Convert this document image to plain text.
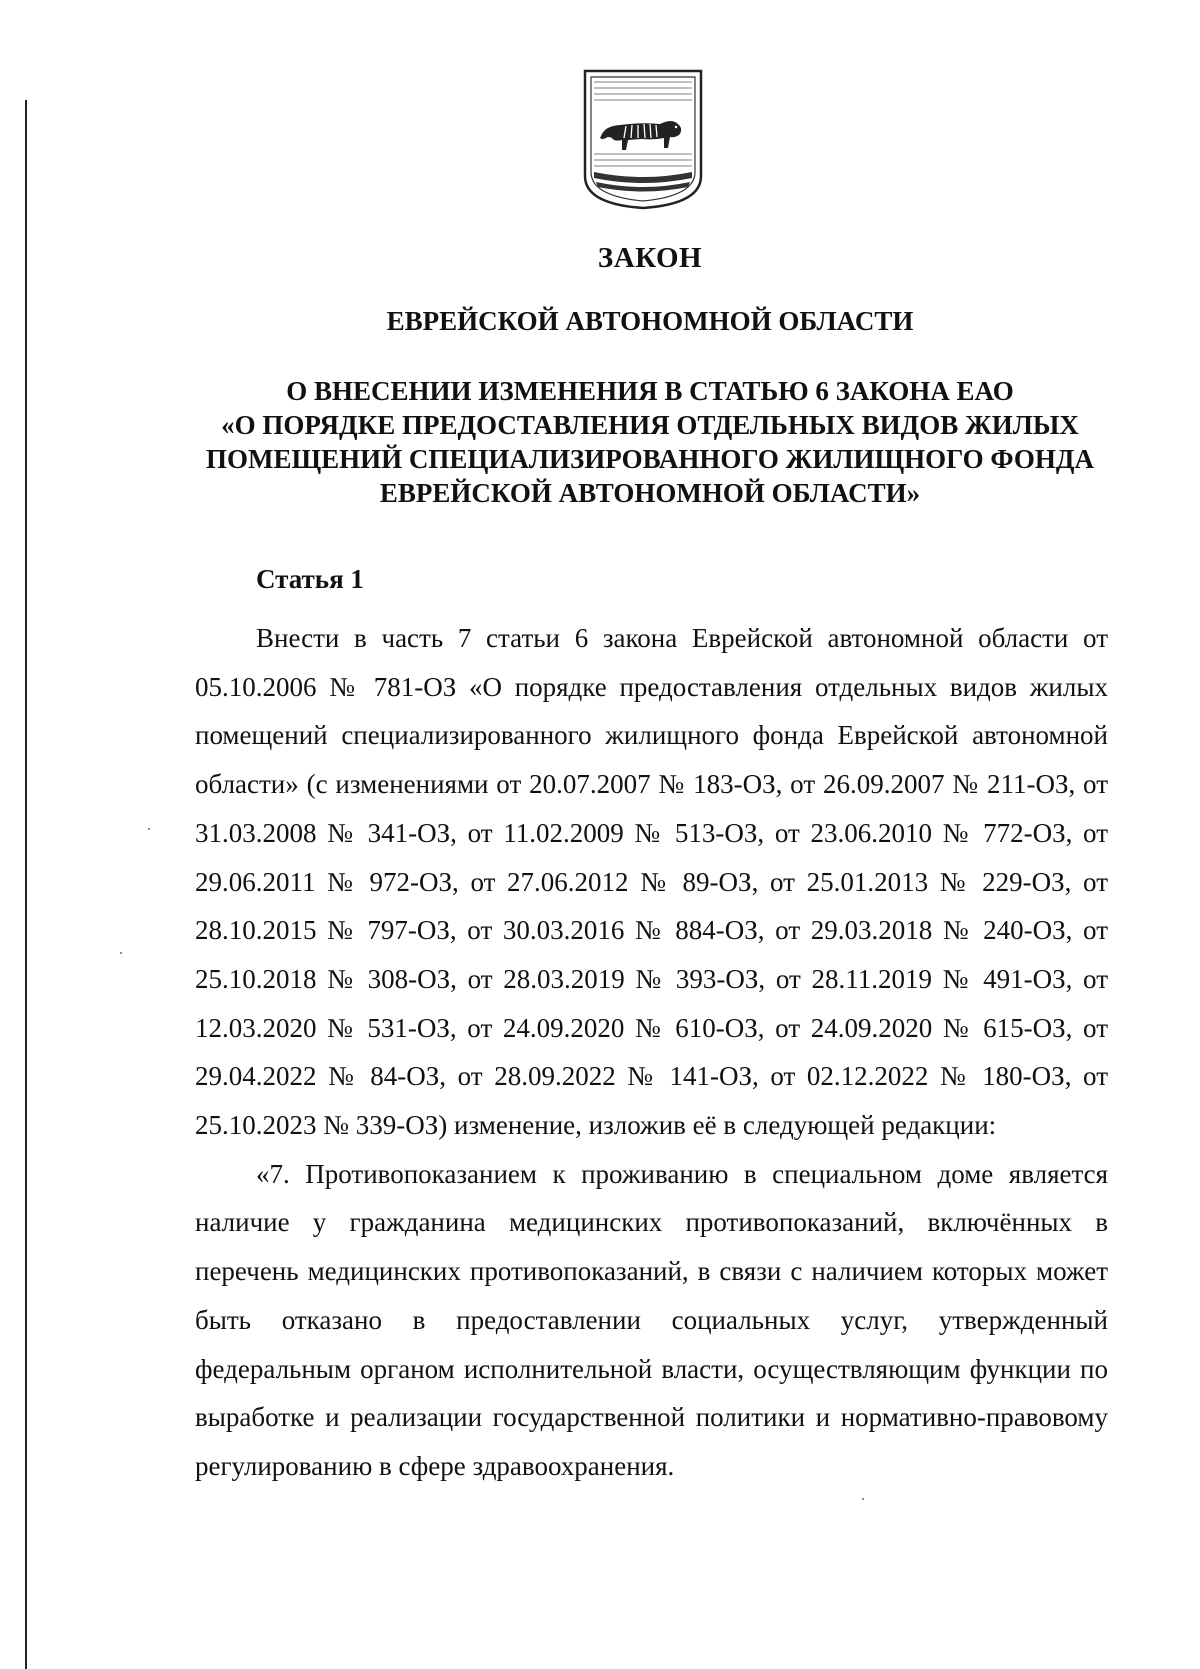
ЗАКОН
ЕВРЕЙСКОЙ АВТОНОМНОЙ ОБЛАСТИ
О ВНЕСЕНИИ ИЗМЕНЕНИЯ В СТАТЬЮ 6 ЗАКОНА ЕАО
«О ПОРЯДКЕ ПРЕДОСТАВЛЕНИЯ ОТДЕЛЬНЫХ ВИДОВ ЖИЛЫХ
ПОМЕЩЕНИЙ СПЕЦИАЛИЗИРОВАННОГО ЖИЛИЩНОГО ФОНДА
ЕВРЕЙСКОЙ АВТОНОМНОЙ ОБЛАСТИ»
Статья 1

Внести в часть 7 статьи 6 закона Еврейской автономной области от 05.10.2006 № 781-ОЗ «О порядке предоставления отдельных видов жилых помещений специализированного жилищного фонда Еврейской автономной области» (с изменениями от 20.07.2007 № 183-ОЗ, от 26.09.2007 № 211-ОЗ, от 31.03.2008 № 341-ОЗ, от 11.02.2009 № 513-ОЗ, от 23.06.2010 № 772-ОЗ, от 29.06.2011 № 972-ОЗ, от 27.06.2012 № 89-ОЗ, от 25.01.2013 № 229-ОЗ, от 28.10.2015 № 797-ОЗ, от 30.03.2016 № 884-ОЗ, от 29.03.2018 № 240-ОЗ, от 25.10.2018 № 308-ОЗ, от 28.03.2019 № 393-ОЗ, от 28.11.2019 № 491-ОЗ, от 12.03.2020 № 531-ОЗ, от 24.09.2020 № 610-ОЗ, от 24.09.2020 № 615-ОЗ, от 29.04.2022 № 84-ОЗ, от 28.09.2022 № 141-ОЗ, от 02.12.2022 № 180-ОЗ, от 25.10.2023 № 339-ОЗ) изменение, изложив её в следующей редакции:

«7. Противопоказанием к проживанию в специальном доме является наличие у гражданина медицинских противопоказаний, включённых в перечень медицинских противопоказаний, в связи с наличием которых может быть отказано в предоставлении социальных услуг, утвержденный федеральным органом исполнительной власти, осуществляющим функции по выработке и реализации государственной политики и нормативно-правовому регулированию в сфере здравоохранения.
